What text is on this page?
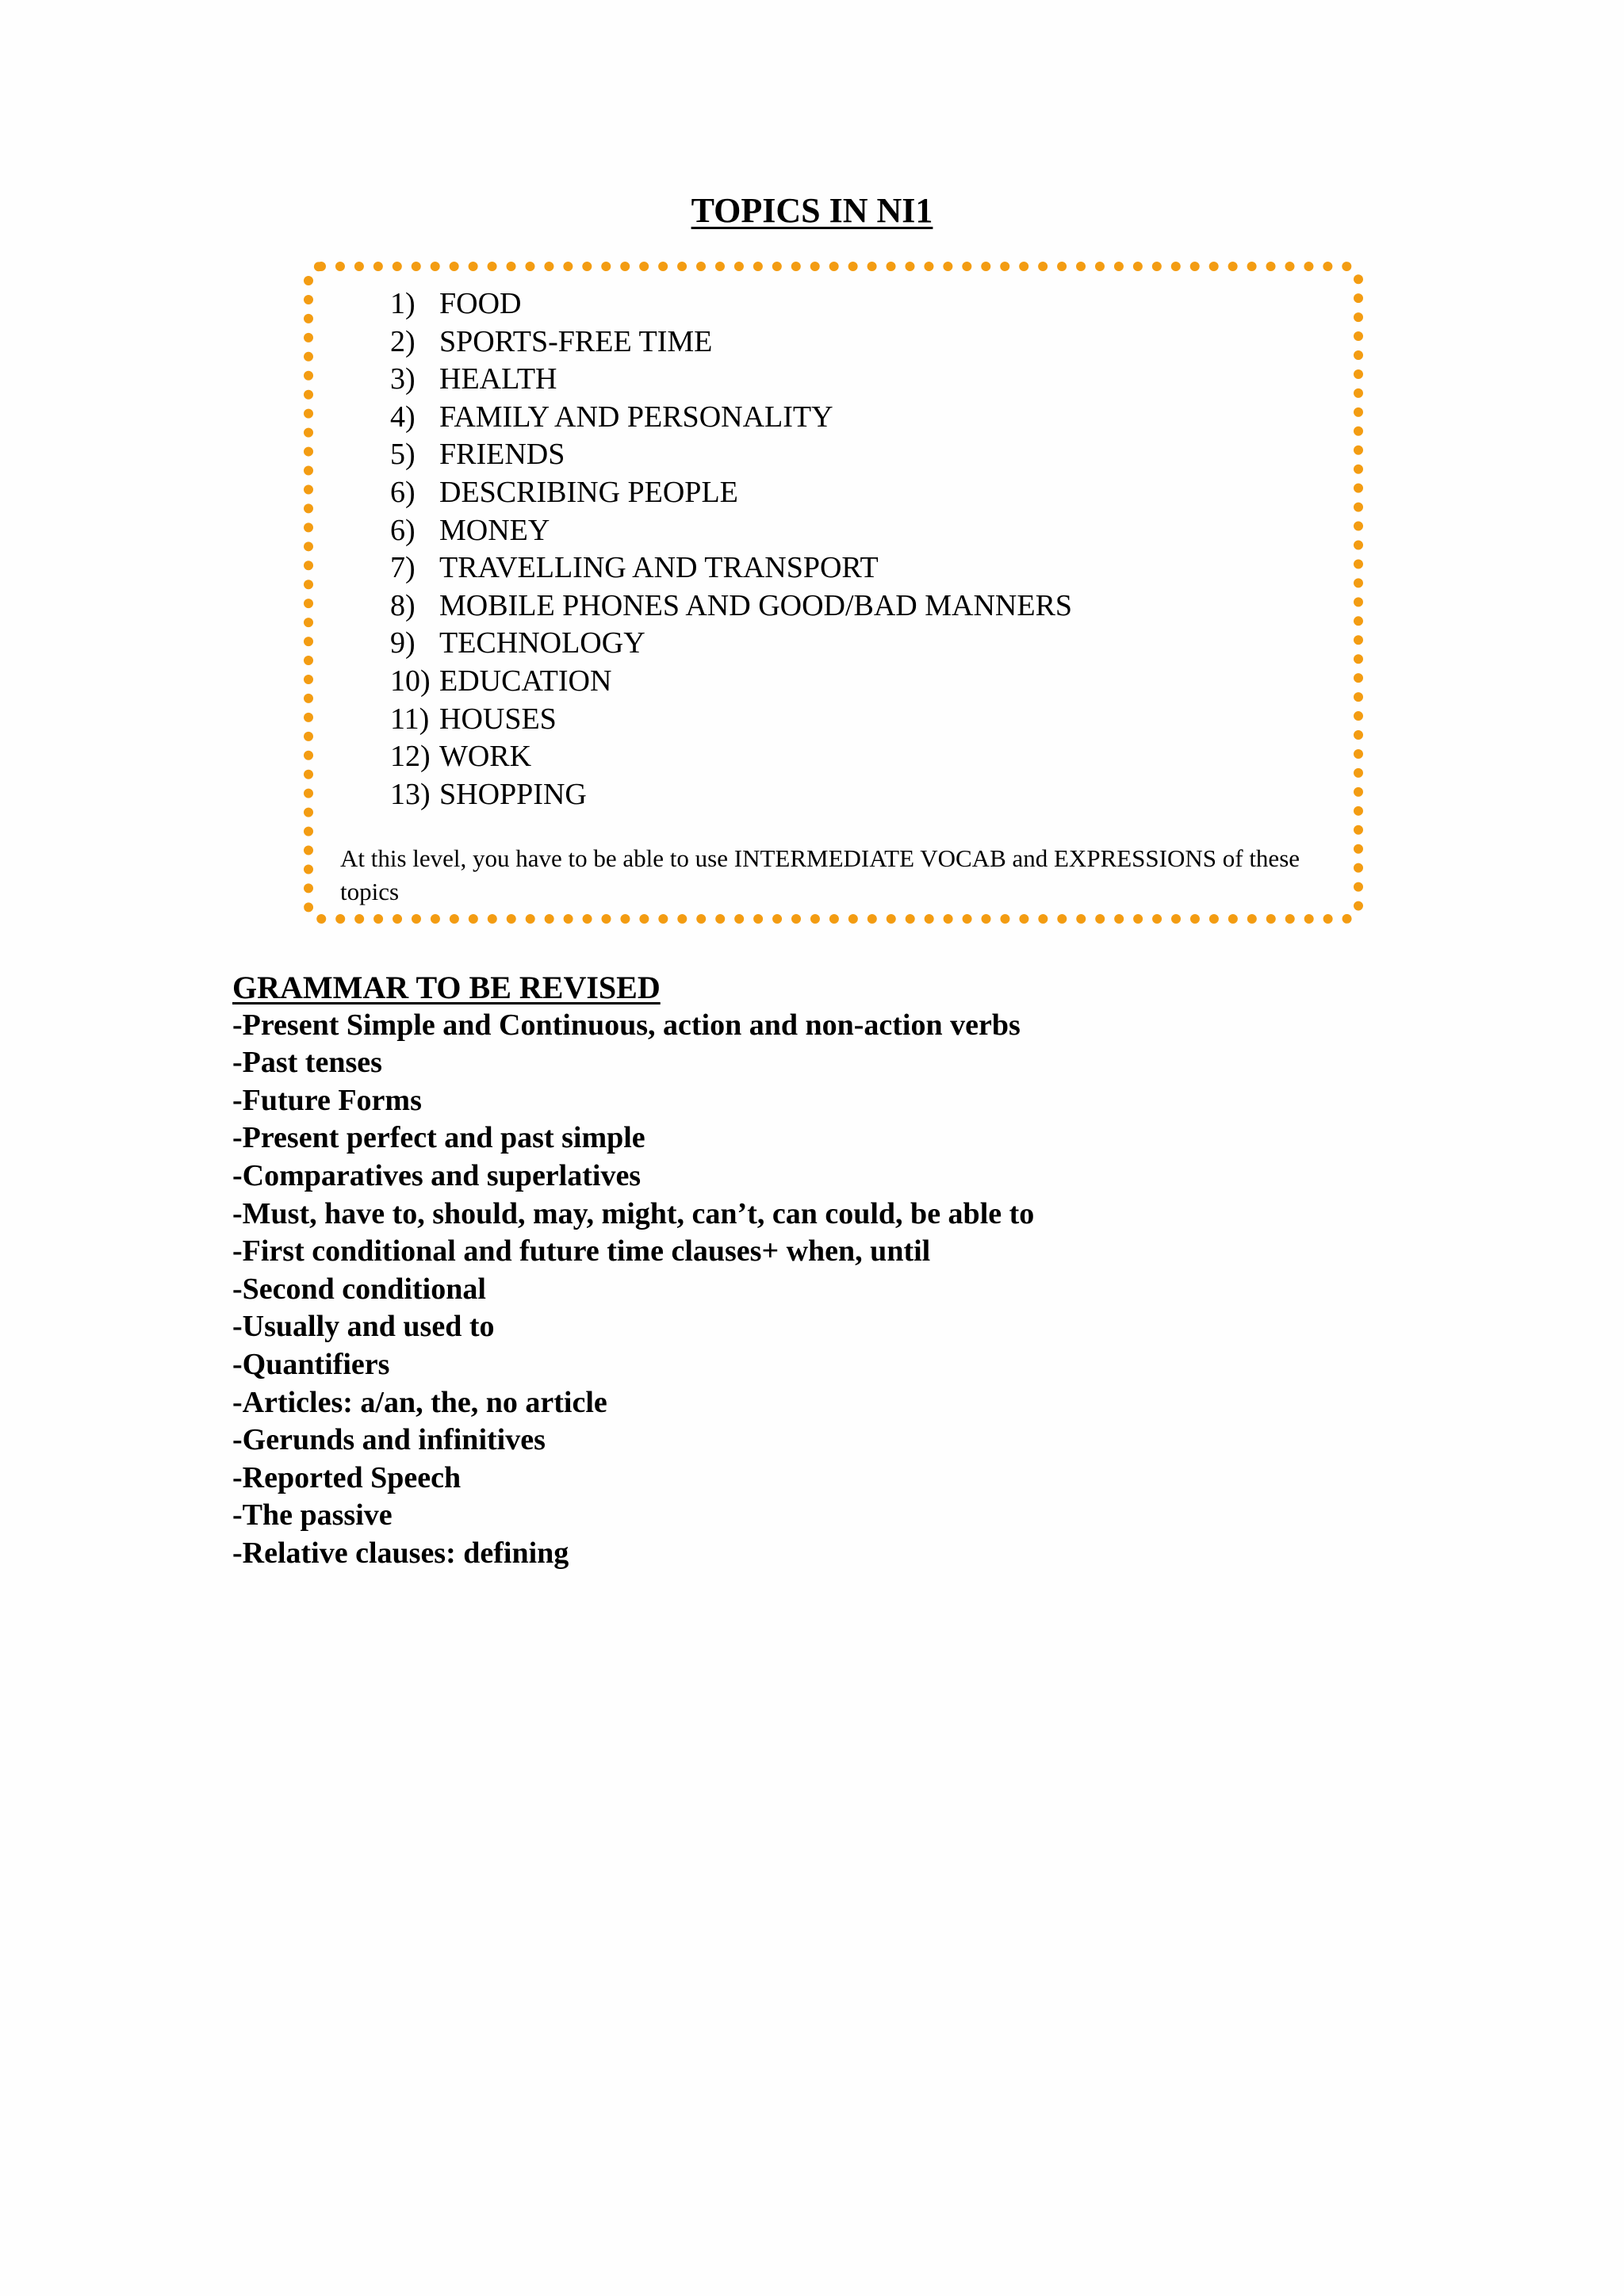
TOPICS IN NI1
1) FOOD
2) SPORTS-FREE TIME
3) HEALTH
4) FAMILY AND PERSONALITY
5) FRIENDS
6) DESCRIBING PEOPLE
6) MONEY
7) TRAVELLING AND TRANSPORT
8) MOBILE PHONES AND GOOD/BAD MANNERS
9) TECHNOLOGY
10) EDUCATION
11) HOUSES
12) WORK
13) SHOPPING

At this level, you have to be able to use INTERMEDIATE VOCAB and EXPRESSIONS of these topics

GRAMMAR TO BE REVISED
-Present Simple and Continuous, action and non-action verbs
-Past tenses
-Future Forms
-Present perfect and past simple
-Comparatives and superlatives
-Must, have to, should, may, might, can’t, can could, be able to
-First conditional and future time clauses+ when, until
-Second conditional
-Usually and used to
-Quantifiers
-Articles: a/an, the, no article
-Gerunds and infinitives
-Reported Speech
-The passive
-Relative clauses: defining
